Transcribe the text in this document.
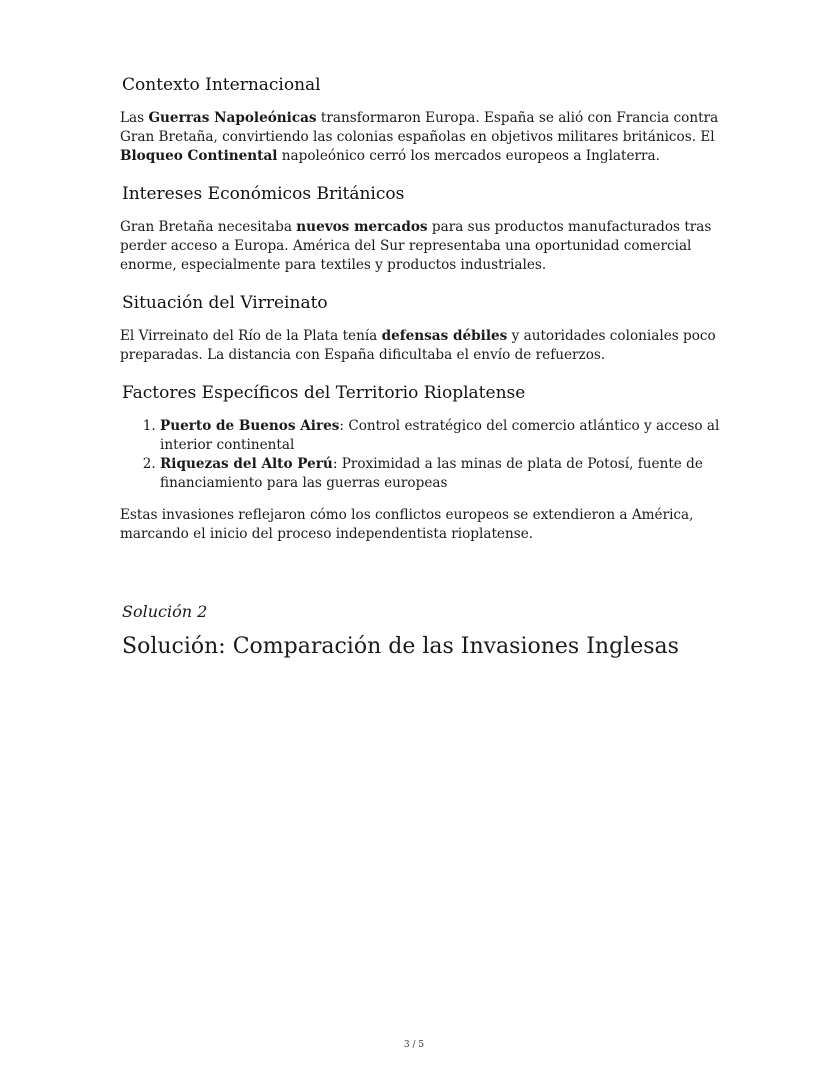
Contexto Internacional

Las Guerras Napoleónicas transformaron Europa. España se alió con Francia contra Gran Bretaña, convirtiendo las colonias españolas en objetivos militares británicos. El Bloqueo Continental napoleónico cerró los mercados europeos a Inglaterra.

Intereses Económicos Británicos

Gran Bretaña necesitaba nuevos mercados para sus productos manufacturados tras perder acceso a Europa. América del Sur representaba una oportunidad comercial enorme, especialmente para textiles y productos industriales.

Situación del Virreinato

El Virreinato del Río de la Plata tenía defensas débiles y autoridades coloniales poco preparadas. La distancia con España dificultaba el envío de refuerzos.

Factores Específicos del Territorio Rioplatense
1. Puerto de Buenos Aires: Control estratégico del comercio atlántico y acceso al interior continental
2. Riquezas del Alto Perú: Proximidad a las minas de plata de Potosí, fuente de financiamiento para las guerras europeas

Estas invasiones reflejaron cómo los conflictos europeos se extendieron a América, marcando el inicio del proceso independentista rioplatense.

Solución 2

Solución: Comparación de las Invasiones Inglesas
3 / 5
